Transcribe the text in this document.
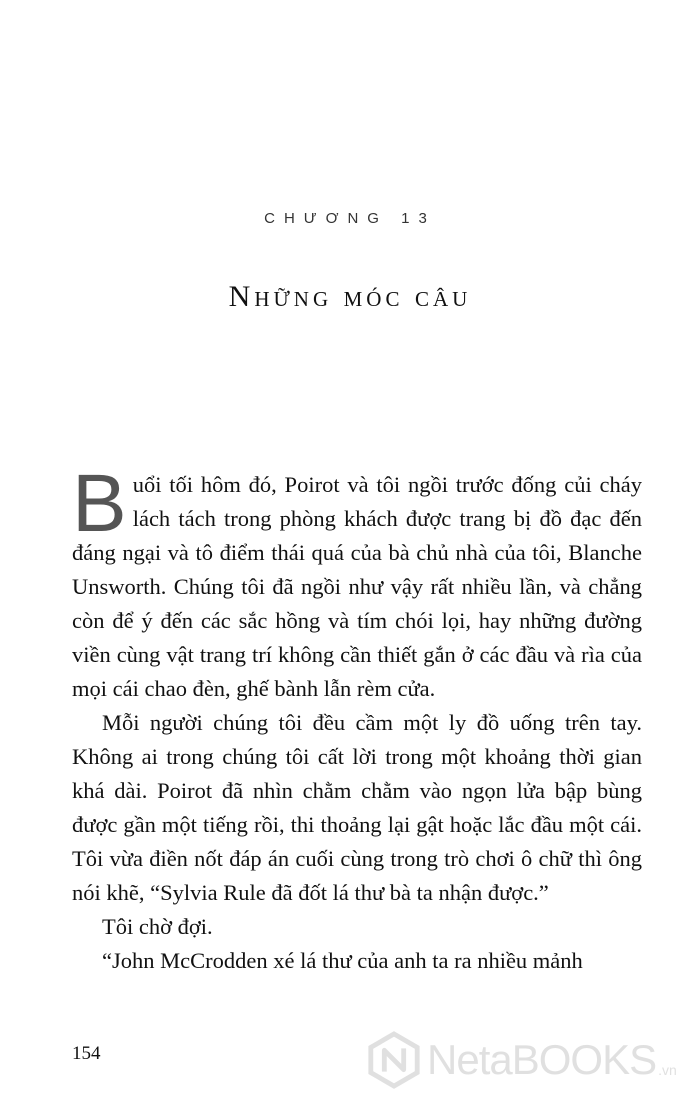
CHƯƠNG 13
Những móc câu

Buổi tối hôm đó, Poirot và tôi ngồi trước đống củi cháy lách tách trong phòng khách được trang bị đồ đạc đến đáng ngại và tô điểm thái quá của bà chủ nhà của tôi, Blanche Unsworth. Chúng tôi đã ngồi như vậy rất nhiều lần, và chẳng còn để ý đến các sắc hồng và tím chói lọi, hay những đường viền cùng vật trang trí không cần thiết gắn ở các đầu và rìa của mọi cái chao đèn, ghế bành lẫn rèm cửa.

Mỗi người chúng tôi đều cầm một ly đồ uống trên tay. Không ai trong chúng tôi cất lời trong một khoảng thời gian khá dài. Poirot đã nhìn chằm chằm vào ngọn lửa bập bùng được gần một tiếng rồi, thi thoảng lại gật hoặc lắc đầu một cái. Tôi vừa điền nốt đáp án cuối cùng trong trò chơi ô chữ thì ông nói khẽ, “Sylvia Rule đã đốt lá thư bà ta nhận được.”

Tôi chờ đợi.

“John McCrodden xé lá thư của anh ta ra nhiều mảnh

154	NetaBOOKS .vn
